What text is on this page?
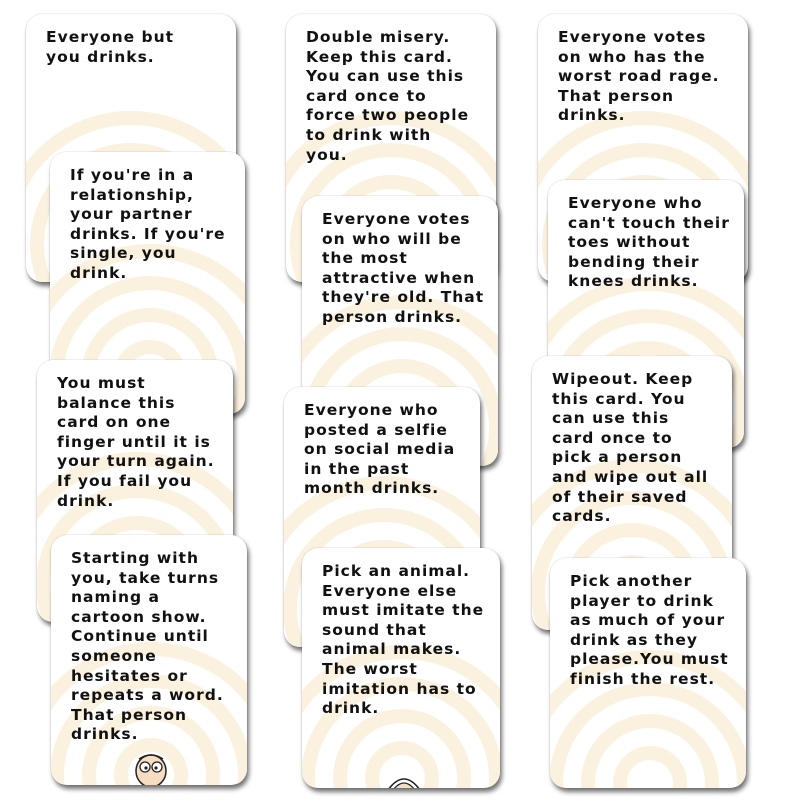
Everyone but
you drinks.

Double misery.
Keep this card.
You can use this
card once to
force two people
to drink with
you.

Everyone votes
on who has the
worst road rage.
That person
drinks.

If you're in a
relationship,
your partner
drinks. If you're
single, you
drink.

Everyone votes
on who will be
the most
attractive when
they're old. That
person drinks.

Everyone who
can't touch their
toes without
bending their
knees drinks.

You must
balance this
card on one
finger until it is
your turn again.
If you fail you
drink.

Everyone who
posted a selfie
on social media
in the past
month drinks.

Wipeout. Keep
this card. You
can use this
card once to
pick a person
and wipe out all
of their saved
cards.

Starting with
you, take turns
naming a
cartoon show.
Continue until
someone
hesitates or
repeats a word.
That person
drinks.

Pick an animal.
Everyone else
must imitate the
sound that
animal makes.
The worst
imitation has to
drink.

Pick another
player to drink
as much of your
drink as they
please.You must
finish the rest.
